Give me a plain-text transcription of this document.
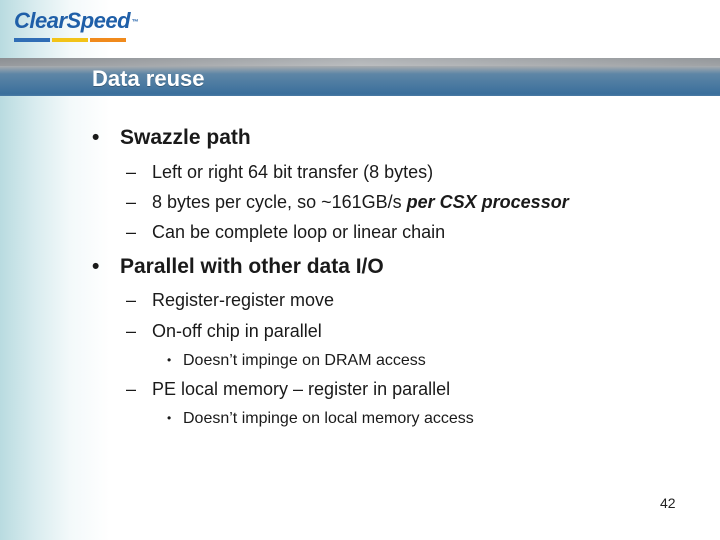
ClearSpeed ™
Data reuse
• Swazzle path
– Left or right 64 bit transfer (8 bytes)
– 8 bytes per cycle, so ~161GB/s per CSX processor
– Can be complete loop or linear chain
• Parallel with other data I/O
– Register-register move
– On-off chip in parallel
• Doesn’t impinge on DRAM access
– PE local memory – register in parallel
• Doesn’t impinge on local memory access
42
